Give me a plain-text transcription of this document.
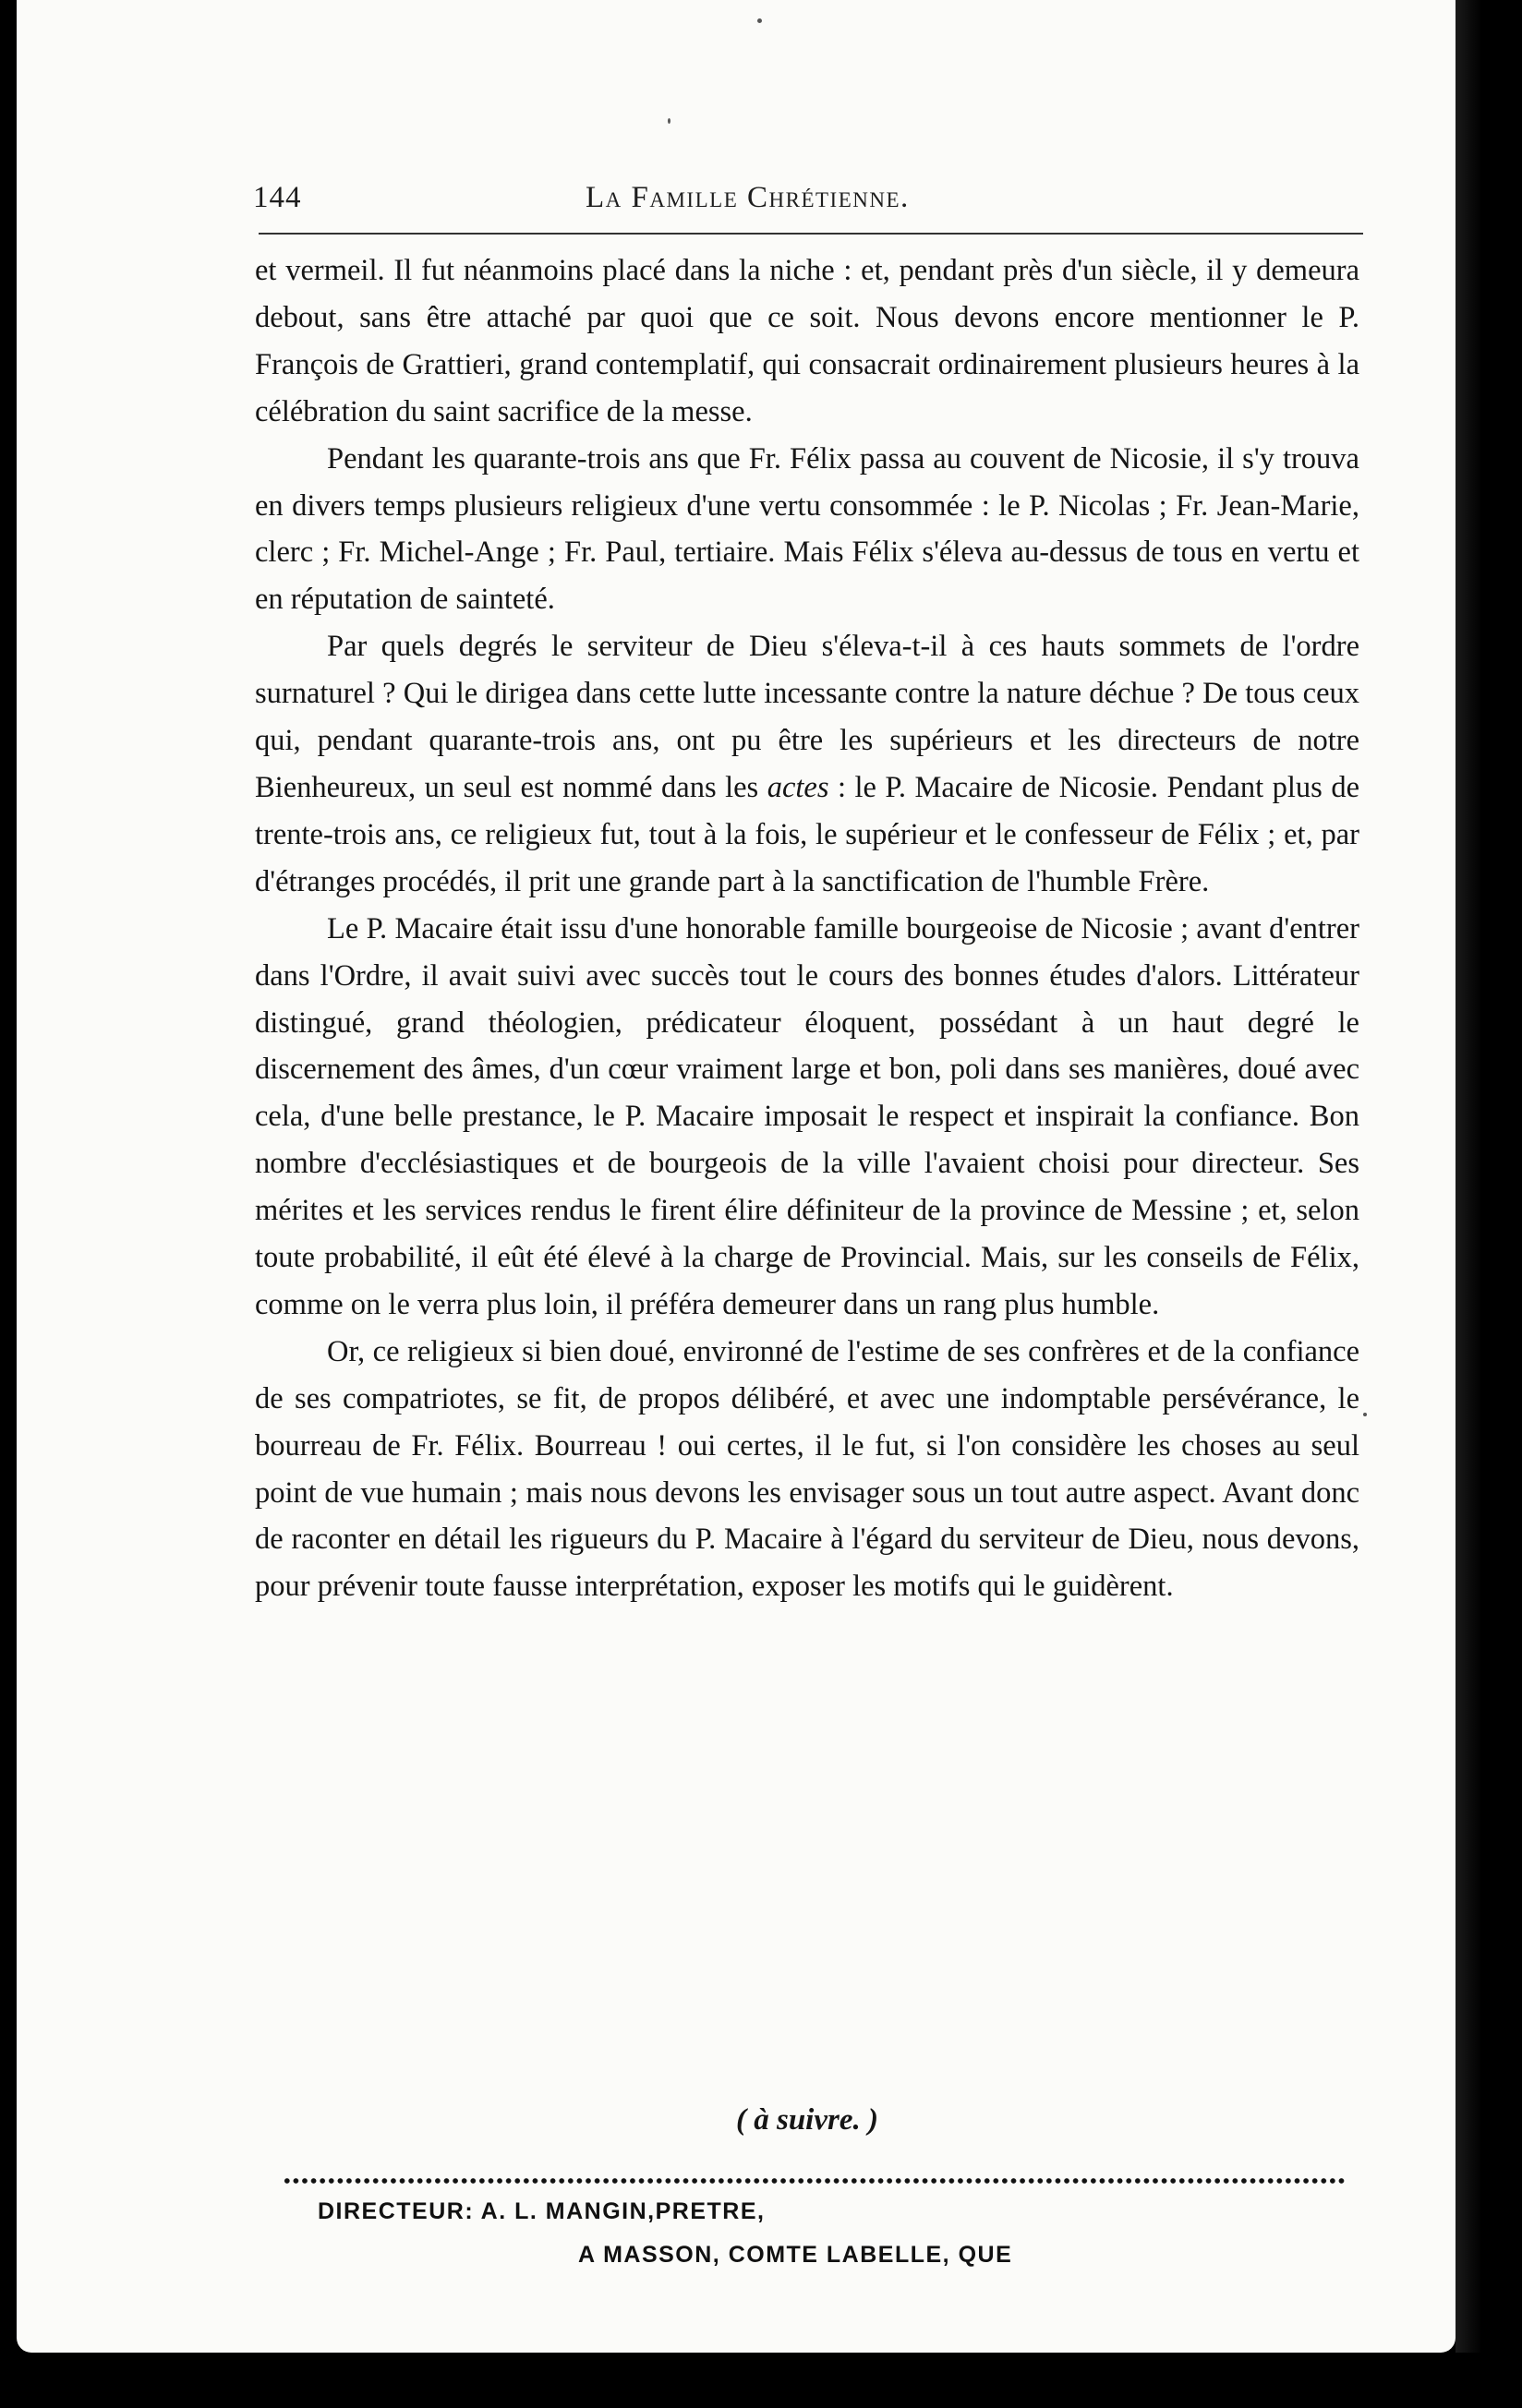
144	La Famille Chrétienne.

et vermeil. Il fut néanmoins placé dans la niche : et, pendant près d'un siècle, il y demeura debout, sans être attaché par quoi que ce soit. Nous devons encore mentionner le P. François de Grattieri, grand contemplatif, qui consacrait ordinairement plusieurs heures à la célébration du saint sacrifice de la messe.

Pendant les quarante-trois ans que Fr. Félix passa au couvent de Nicosie, il s'y trouva en divers temps plusieurs religieux d'une vertu consommée : le P. Nicolas ; Fr. Jean-Marie, clerc ; Fr. Michel-Ange ; Fr. Paul, tertiaire. Mais Félix s'éleva au-dessus de tous en vertu et en réputation de sainteté.

Par quels degrés le serviteur de Dieu s'éleva-t-il à ces hauts sommets de l'ordre surnaturel ? Qui le dirigea dans cette lutte incessante contre la nature déchue ? De tous ceux qui, pendant quarante-trois ans, ont pu être les supérieurs et les directeurs de notre Bienheureux, un seul est nommé dans les actes : le P. Macaire de Nicosie. Pendant plus de trente-trois ans, ce religieux fut, tout à la fois, le supérieur et le confesseur de Félix ; et, par d'étranges procédés, il prit une grande part à la sanctification de l'humble Frère.

Le P. Macaire était issu d'une honorable famille bourgeoise de Nicosie ; avant d'entrer dans l'Ordre, il avait suivi avec succès tout le cours des bonnes études d'alors. Littérateur distingué, grand théologien, prédicateur éloquent, possédant à un haut degré le discernement des âmes, d'un cœur vraiment large et bon, poli dans ses manières, doué avec cela, d'une belle prestance, le P. Macaire imposait le respect et inspirait la confiance. Bon nombre d'ecclésiastiques et de bourgeois de la ville l'avaient choisi pour directeur. Ses mérites et les services rendus le firent élire définiteur de la province de Messine ; et, selon toute probabilité, il eût été élevé à la charge de Provincial. Mais, sur les conseils de Félix, comme on le verra plus loin, il préféra demeurer dans un rang plus humble.

Or, ce religieux si bien doué, environné de l'estime de ses confrères et de la confiance de ses compatriotes, se fit, de propos délibéré, et avec une indomptable persévérance, le bourreau de Fr. Félix. Bourreau ! oui certes, il le fut, si l'on considère les choses au seul point de vue humain ; mais nous devons les envisager sous un tout autre aspect. Avant donc de raconter en détail les rigueurs du P. Macaire à l'égard du serviteur de Dieu, nous devons, pour prévenir toute fausse interprétation, exposer les motifs qui le guidèrent.

( à suivre. )
DIRECTEUR: A. L. MANGIN,PRETRE,
A MASSON, COMTE LABELLE, QUE
